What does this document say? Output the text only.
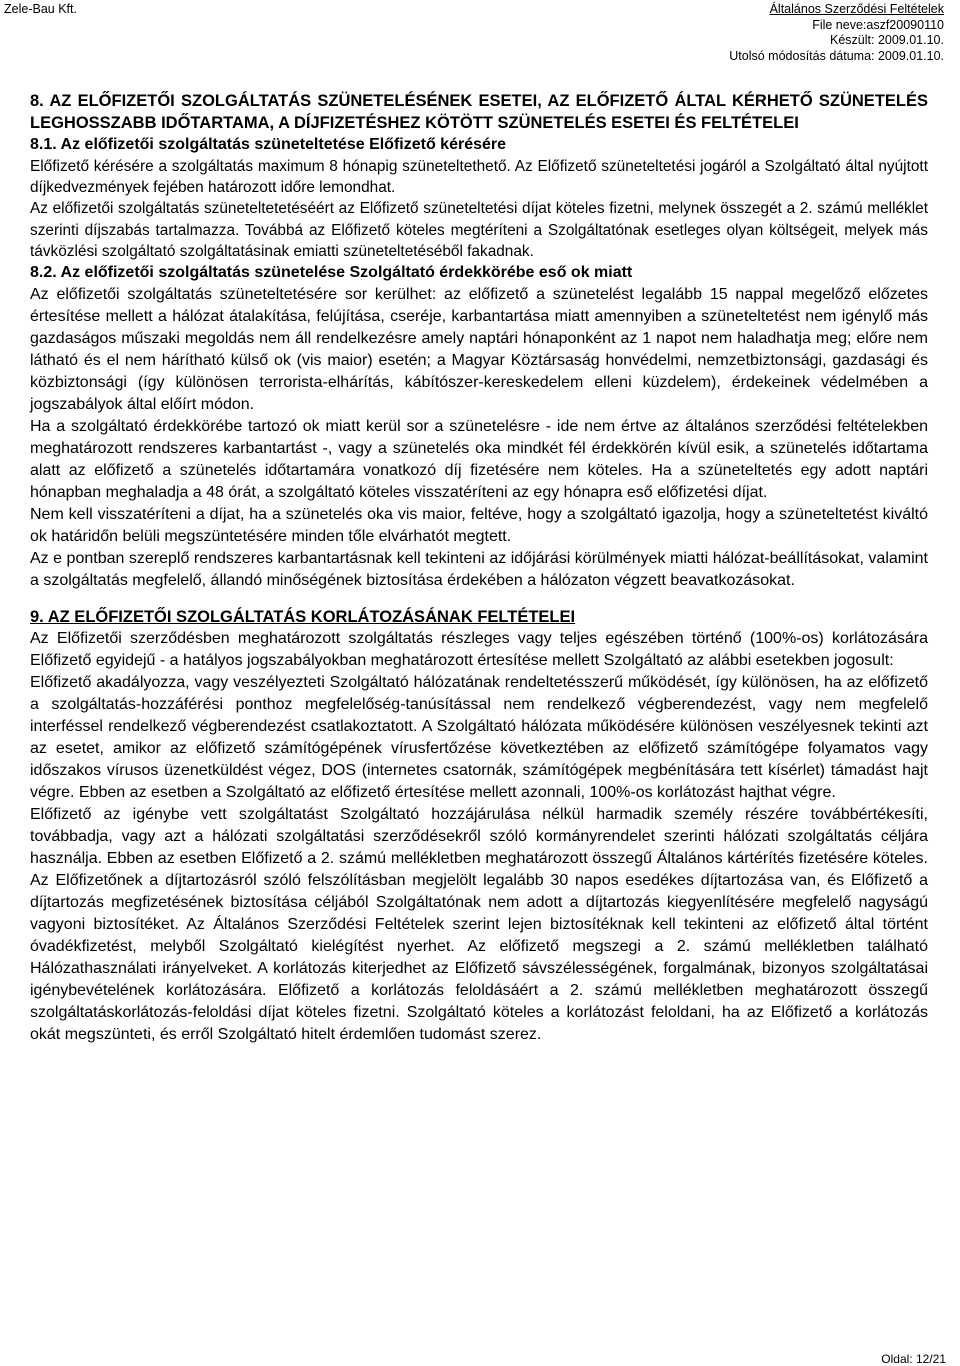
Zele-Bau Kft.	Általános Szerződési Feltételek
File neve:aszf20090110
Készült: 2009.01.10.
Utolsó módosítás dátuma: 2009.01.10.
8. AZ ELŐFIZETŐI SZOLGÁLTATÁS SZÜNETELÉSÉNEK ESETEI, AZ ELŐFIZETŐ ÁLTAL KÉRHETŐ SZÜNETELÉS LEGHOSSZABB IDŐTARTAMA, A DÍJFIZETÉSHEZ KÖTÖTT SZÜNETELÉS ESETEI ÉS FELTÉTELEI
8.1. Az előfizetői szolgáltatás szüneteltetése Előfizető kérésére

Előfizető kérésére a szolgáltatás maximum 8 hónapig szüneteltethető. Az Előfizető szüneteltetési jogáról a Szolgáltató által nyújtott díjkedvezmények fejében határozott időre lemondhat.

Az előfizetői szolgáltatás szüneteltetetéséért az Előfizető szüneteltetési díjat köteles fizetni, melynek összegét a 2. számú melléklet szerinti díjszabás tartalmazza. Továbbá az Előfizető köteles megtéríteni a Szolgáltatónak esetleges olyan költségeit, melyek más távközlési szolgáltató szolgáltatásinak emiatti szüneteltetéséből fakadnak.

8.2. Az előfizetői szolgáltatás szünetelése Szolgáltató érdekkörébe eső ok miatt

Az előfizetői szolgáltatás szüneteltetésére sor kerülhet: az előfizető a szünetelést legalább 15 nappal megelőző előzetes értesítése mellett a hálózat átalakítása, felújítása, cseréje, karbantartása miatt amennyiben a szüneteltetést nem igénylő más gazdaságos műszaki megoldás nem áll rendelkezésre amely naptári hónaponként az 1 napot nem haladhatja meg; előre nem látható és el nem hárítható külső ok (vis maior) esetén; a Magyar Köztársaság honvédelmi, nemzetbiztonsági, gazdasági és közbiztonsági (így különösen terrorista-elhárítás, kábítószer-kereskedelem elleni küzdelem), érdekeinek védelmében a jogszabályok által előírt módon.

Ha a szolgáltató érdekkörébe tartozó ok miatt kerül sor a szünetelésre - ide nem értve az általános szerződési feltételekben meghatározott rendszeres karbantartást -, vagy a szünetelés oka mindkét fél érdekkörén kívül esik, a szünetelés időtartama alatt az előfizető a szünetelés időtartamára vonatkozó díj fizetésére nem köteles. Ha a szüneteltetés egy adott naptári hónapban meghaladja a 48 órát, a szolgáltató köteles visszatéríteni az egy hónapra eső előfizetési díjat.

Nem kell visszatéríteni a díjat, ha a szünetelés oka vis maior, feltéve, hogy a szolgáltató igazolja, hogy a szüneteltetést kiváltó ok határidőn belüli megszüntetésére minden tőle elvárhatót megtett.

Az e pontban szereplő rendszeres karbantartásnak kell tekinteni az időjárási körülmények miatti hálózat-beállításokat, valamint a szolgáltatás megfelelő, állandó minőségének biztosítása érdekében a hálózaton végzett beavatkozásokat.

9. AZ ELŐFIZETŐI SZOLGÁLTATÁS KORLÁTOZÁSÁNAK FELTÉTELEI

Az Előfizetői szerződésben meghatározott szolgáltatás részleges vagy teljes egészében történő (100%-os) korlátozására Előfizető egyidejű - a hatályos jogszabályokban meghatározott értesítése mellett Szolgáltató az alábbi esetekben jogosult:

Előfizető akadályozza, vagy veszélyezteti Szolgáltató hálózatának rendeltetésszerű működését, így különösen, ha az előfizető a szolgáltatás-hozzáférési ponthoz megfelelőség-tanúsítással nem rendelkező végberendezést, vagy nem megfelelő interféssel rendelkező végberendezést csatlakoztatott. A Szolgáltató hálózata működésére különösen veszélyesnek tekinti azt az esetet, amikor az előfizető számítógépének vírusfertőzése következtében az előfizető számítógépe folyamatos vagy időszakos vírusos üzenetküldést végez, DOS (internetes csatornák, számítógépek megbénítására tett kísérlet) támadást hajt végre. Ebben az esetben a Szolgáltató az előfizető értesítése mellett azonnali, 100%-os korlátozást hajthat végre.

Előfizető az igénybe vett szolgáltatást Szolgáltató hozzájárulása nélkül harmadik személy részére továbbértékesíti, továbbadja, vagy azt a hálózati szolgáltatási szerződésekről szóló kormányrendelet szerinti hálózati szolgáltatás céljára használja. Ebben az esetben Előfizető a 2. számú mellékletben meghatározott összegű Általános kártérítés fizetésére köteles. Az Előfizetőnek a díjtartozásról szóló felszólításban megjelölt legalább 30 napos esedékes díjtartozása van, és Előfizető a díjtartozás megfizetésének biztosítása céljából Szolgáltatónak nem adott a díjtartozás kiegyenlítésére megfelelő nagyságú vagyoni biztosítéket. Az Általános Szerződési Feltételek szerint lejen biztosítéknak kell tekinteni az előfizető által történt óvadékfizetést, melyből Szolgáltató kielégítést nyerhet. Az előfizető megszegi a 2. számú mellékletben található Hálózathasználati irányelveket. A korlátozás kiterjedhet az Előfizető sávszélességének, forgalmának, bizonyos szolgáltatásai igénybevételének korlátozására. Előfizető a korlátozás feloldásáért a 2. számú mellékletben meghatározott összegű szolgáltatáskorlátozás-feloldási díjat köteles fizetni. Szolgáltató köteles a korlátozást feloldani, ha az Előfizető a korlátozás okát megszünteti, és erről Szolgáltató hitelt érdemlően tudomást szerez.

Oldal: 12/21
